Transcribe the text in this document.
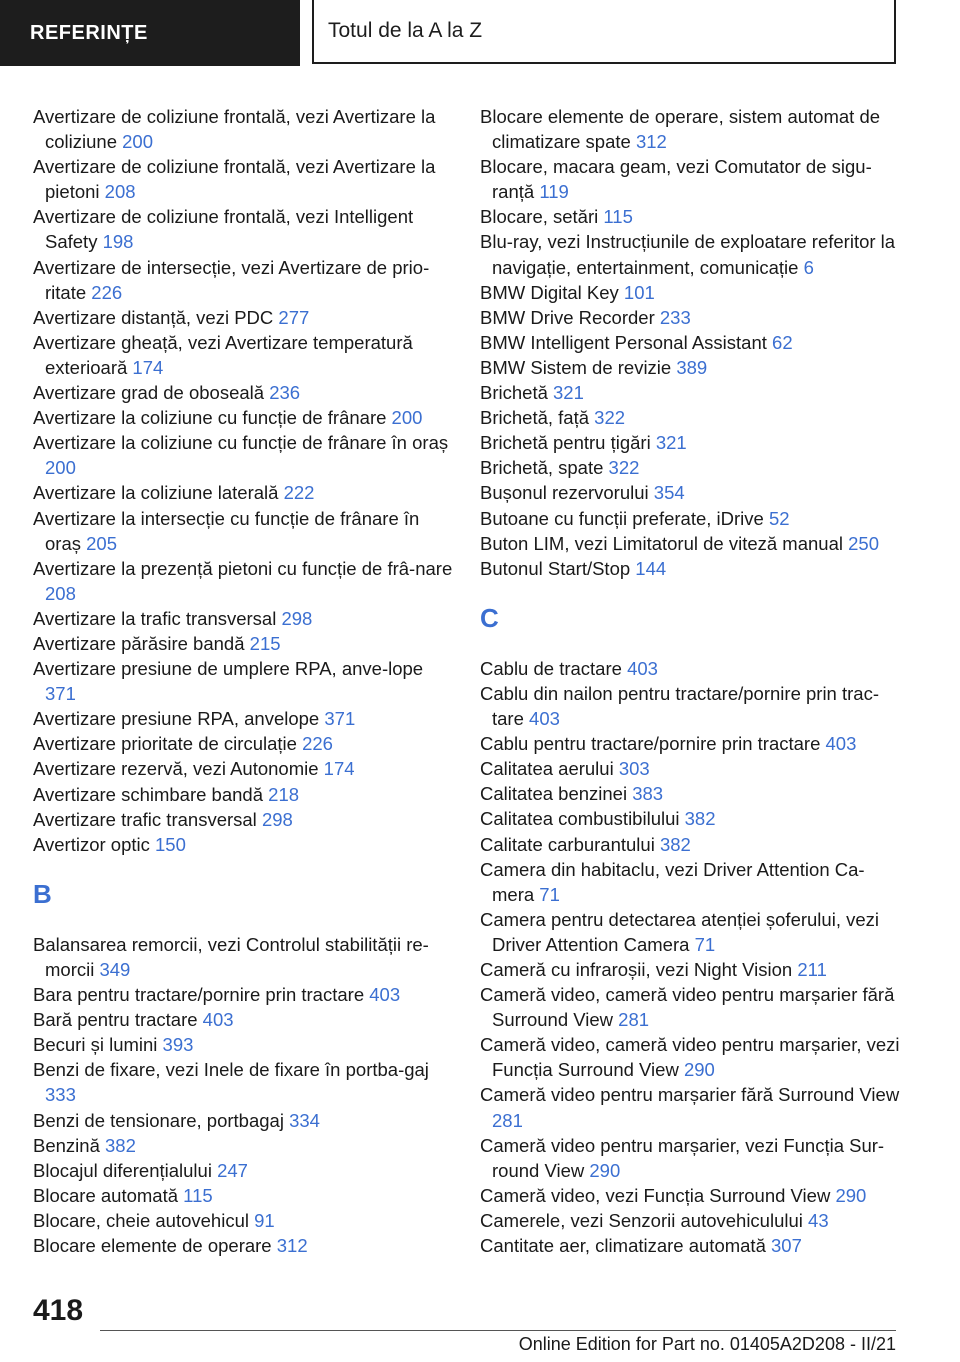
REFERINȚE	Totul de la A la Z
Avertizare de coliziune frontală, vezi Avertizare la coliziune 200
Avertizare de coliziune frontală, vezi Avertizare la pietoni 208
Avertizare de coliziune frontală, vezi Intelligent Safety 198
Avertizare de intersecție, vezi Avertizare de prio‐ritate 226
Avertizare distanță, vezi PDC 277
Avertizare gheață, vezi Avertizare temperatură exterioară 174
Avertizare grad de oboseală 236
Avertizare la coliziune cu funcție de frânare 200
Avertizare la coliziune cu funcție de frânare în oraș 200
Avertizare la coliziune laterală 222
Avertizare la intersecție cu funcție de frânare în oraș 205
Avertizare la prezență pietoni cu funcție de frâ‐nare 208
Avertizare la trafic transversal 298
Avertizare părăsire bandă 215
Avertizare presiune de umplere RPA, anve‐lope 371
Avertizare presiune RPA, anvelope 371
Avertizare prioritate de circulație 226
Avertizare rezervă, vezi Autonomie 174
Avertizare schimbare bandă 218
Avertizare trafic transversal 298
Avertizor optic 150
B
Balansarea remorcii, vezi Controlul stabilității re‐morcii 349
Bara pentru tractare/pornire prin tractare 403
Bară pentru tractare 403
Becuri și lumini 393
Benzi de fixare, vezi Inele de fixare în portba‐gaj 333
Benzi de tensionare, portbagaj 334
Benzină 382
Blocajul diferențialului 247
Blocare automată 115
Blocare, cheie autovehicul 91
Blocare elemente de operare 312
Blocare elemente de operare, sistem automat de climatizare spate 312
Blocare, macara geam, vezi Comutator de sigu‐ranță 119
Blocare, setări 115
Blu-ray, vezi Instrucțiunile de exploatare referitor la navigație, entertainment, comunicație 6
BMW Digital Key 101
BMW Drive Recorder 233
BMW Intelligent Personal Assistant 62
BMW Sistem de revizie 389
Brichetă 321
Brichetă, față 322
Brichetă pentru țigări 321
Brichetă, spate 322
Bușonul rezervorului 354
Butoane cu funcții preferate, iDrive 52
Buton LIM, vezi Limitatorul de viteză manual 250
Butonul Start/Stop 144
C
Cablu de tractare 403
Cablu din nailon pentru tractare/pornire prin trac‐tare 403
Cablu pentru tractare/pornire prin tractare 403
Calitatea aerului 303
Calitatea benzinei 383
Calitatea combustibilului 382
Calitate carburantului 382
Camera din habitaclu, vezi Driver Attention Ca‐mera 71
Camera pentru detectarea atenției șoferului, vezi Driver Attention Camera 71
Cameră cu infraroșii, vezi Night Vision 211
Cameră video, cameră video pentru marșarier fără Surround View 281
Cameră video, cameră video pentru marșarier, vezi Funcția Surround View 290
Cameră video pentru marșarier fără Surround View 281
Cameră video pentru marșarier, vezi Funcția Sur‐round View 290
Cameră video, vezi Funcția Surround View 290
Camerele, vezi Senzorii autovehiculului 43
Cantitate aer, climatizare automată 307
418
Online Edition for Part no. 01405A2D208 - II/21
